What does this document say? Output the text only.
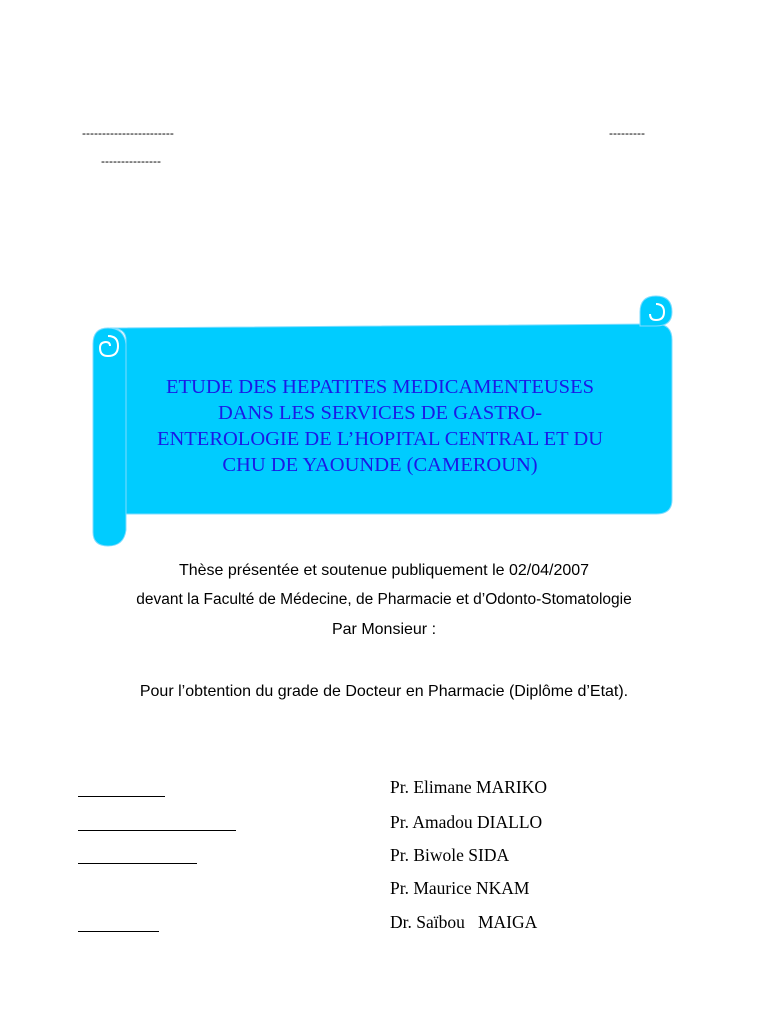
-----------------------	---------
---------------
ETUDE DES HEPATITES MEDICAMENTEUSES
DANS LES SERVICES DE GASTRO-
ENTEROLOGIE DE L’HOPITAL CENTRAL ET DU
CHU DE YAOUNDE (CAMEROUN)
Thèse présentée et soutenue publiquement le 02/04/2007
devant la Faculté de Médecine, de Pharmacie et d’Odonto-Stomatologie
Par Monsieur :
Pour l’obtention du grade de Docteur en Pharmacie (Diplôme d’Etat).
Pr. Elimane MARIKO
Pr. Amadou DIALLO
Pr. Biwole SIDA
Pr. Maurice NKAM
Dr. Saïbou   MAIGA
